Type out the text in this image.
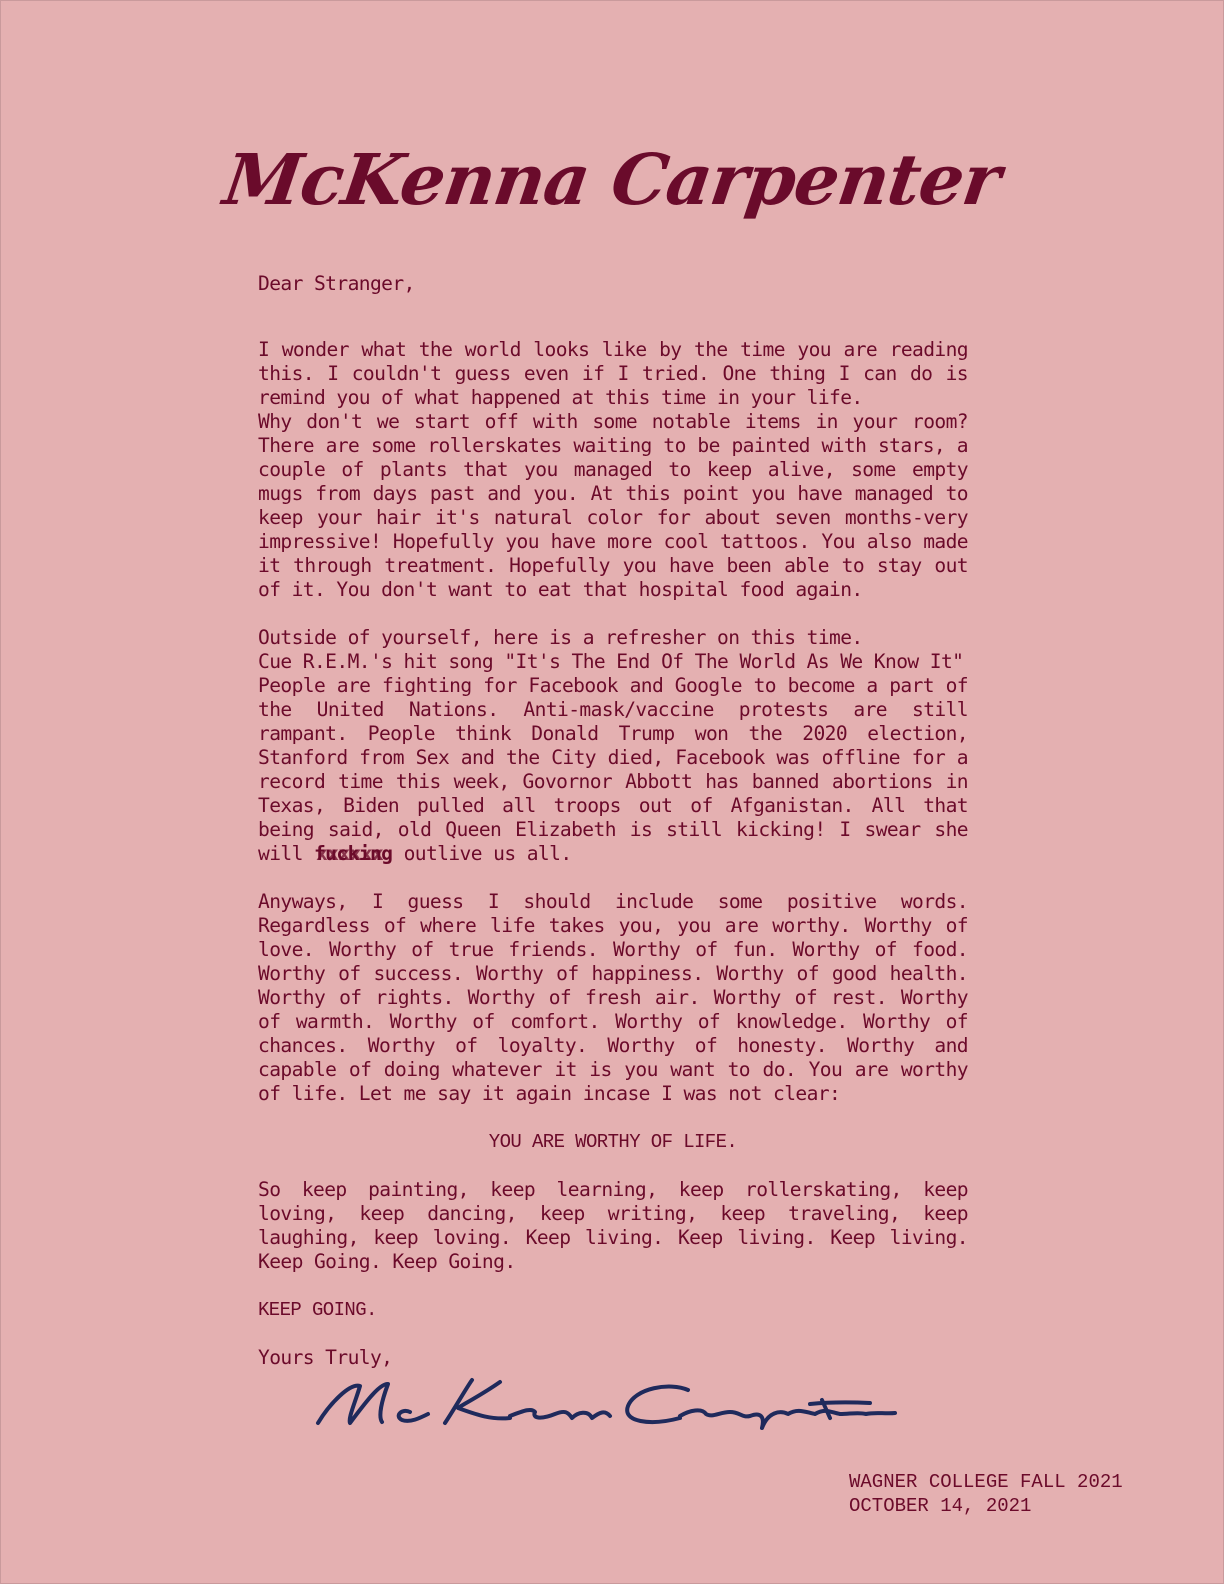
McKenna Carpenter

Dear Stranger,

I wonder what the world looks like by the time you are reading this. I couldn't guess even if I tried. One thing I can do is remind you of what happened at this time in your life.

Why don't we start off with some notable items in your room? There are some rollerskates waiting to be painted with stars, a couple of plants that you managed to keep alive, some empty mugs from days past and you. At this point you have managed to keep your hair it's natural color for about seven months-very impressive! Hopefully you have more cool tattoos. You also made it through treatment. Hopefully you have been able to stay out of it. You don't want to eat that hospital food again.

Outside of yourself, here is a refresher on this time.

Cue R.E.M.'s hit song "It's The End Of The World As We Know It"

People are fighting for Facebook and Google to become a part of the United Nations. Anti-mask/vaccine protests are still rampant. People think Donald Trump won the 2020 election, Stanford from Sex and the City died, Facebook was offline for a record time this week, Govornor Abbott has banned abortions in Texas, Biden pulled all troops out of Afganistan. All that being said, old Queen Elizabeth is still kicking! I swear she will fucking xxxxxx outlive us all.

Anyways, I guess I should include some positive words. Regardless of where life takes you, you are worthy. Worthy of love. Worthy of true friends. Worthy of fun. Worthy of food. Worthy of success. Worthy of happiness. Worthy of good health. Worthy of rights. Worthy of fresh air. Worthy of rest. Worthy of warmth. Worthy of comfort. Worthy of knowledge. Worthy of chances. Worthy of loyalty. Worthy of honesty. Worthy and capable of doing whatever it is you want to do. You are worthy of life. Let me say it again incase I was not clear:

YOU ARE WORTHY OF LIFE.

So keep painting, keep learning, keep rollerskating, keep loving, keep dancing, keep writing, keep traveling, keep laughing, keep loving. Keep living. Keep living. Keep living. Keep Going. Keep Going.

KEEP GOING.

Yours Truly,

WAGNER COLLEGE FALL 2021
OCTOBER 14, 2021
